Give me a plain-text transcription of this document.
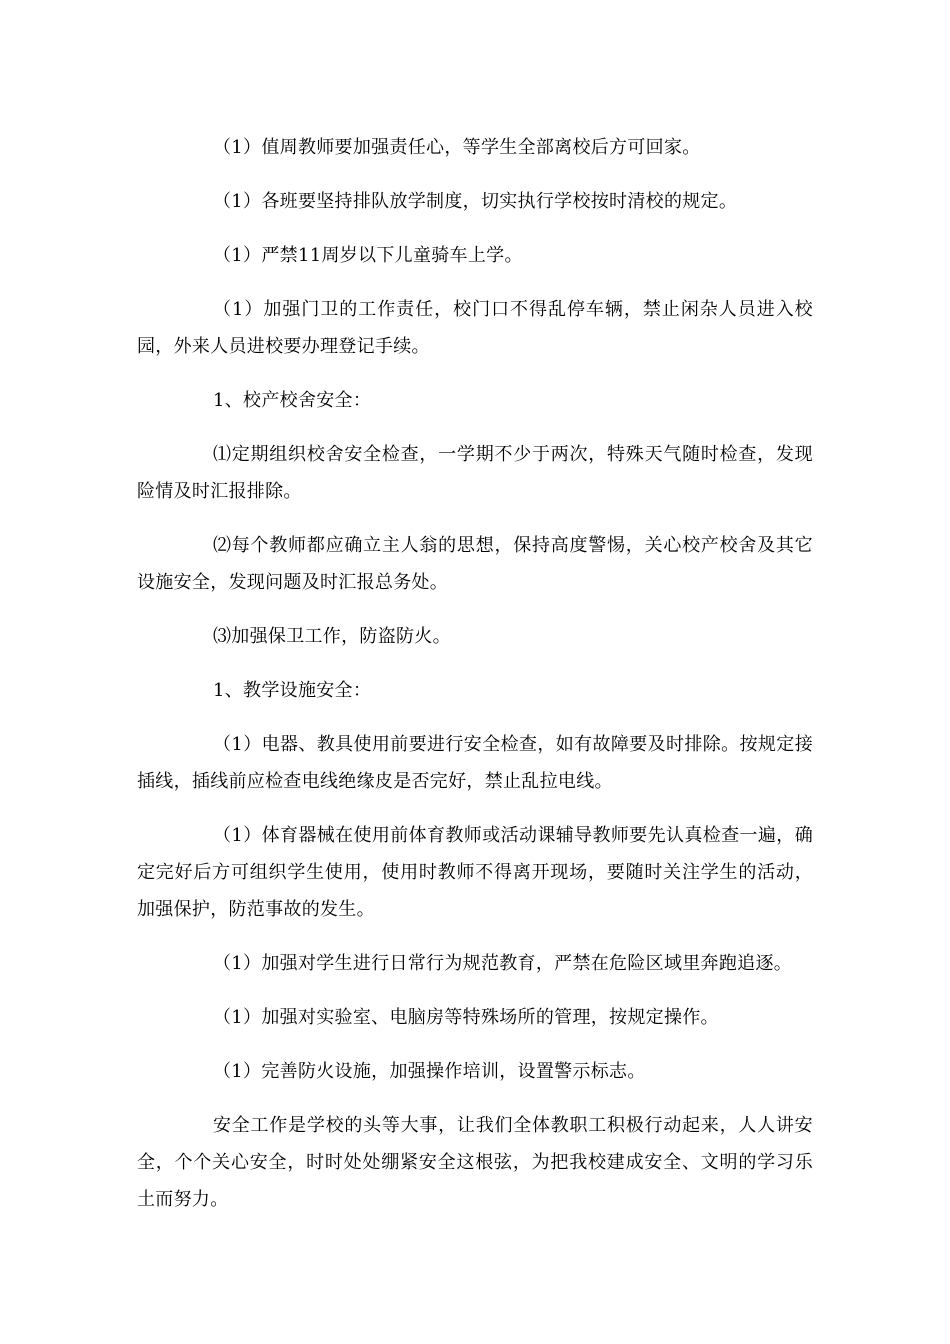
（1）值周教师要加强责任心，等学生全部离校后方可回家。

（1）各班要坚持排队放学制度，切实执行学校按时清校的规定。

（1）严禁11周岁以下儿童骑车上学。

（1）加强门卫的工作责任，校门口不得乱停车辆，禁止闲杂人员进入校园，外来人员进校要办理登记手续。

1、校产校舍安全：

⑴定期组织校舍安全检查，一学期不少于两次，特殊天气随时检查，发现险情及时汇报排除。

⑵每个教师都应确立主人翁的思想，保持高度警惕，关心校产校舍及其它设施安全，发现问题及时汇报总务处。

⑶加强保卫工作，防盗防火。

1、教学设施安全：

（1）电器、教具使用前要进行安全检查，如有故障要及时排除。按规定接插线，插线前应检查电线绝缘皮是否完好，禁止乱拉电线。

（1）体育器械在使用前体育教师或活动课辅导教师要先认真检查一遍，确定完好后方可组织学生使用，使用时教师不得离开现场，要随时关注学生的活动，加强保护，防范事故的发生。

（1）加强对学生进行日常行为规范教育，严禁在危险区域里奔跑追逐。

（1）加强对实验室、电脑房等特殊场所的管理，按规定操作。

（1）完善防火设施，加强操作培训，设置警示标志。

安全工作是学校的头等大事，让我们全体教职工积极行动起来，人人讲安全，个个关心安全，时时处处绷紧安全这根弦，为把我校建成安全、文明的学习乐土而努力。
